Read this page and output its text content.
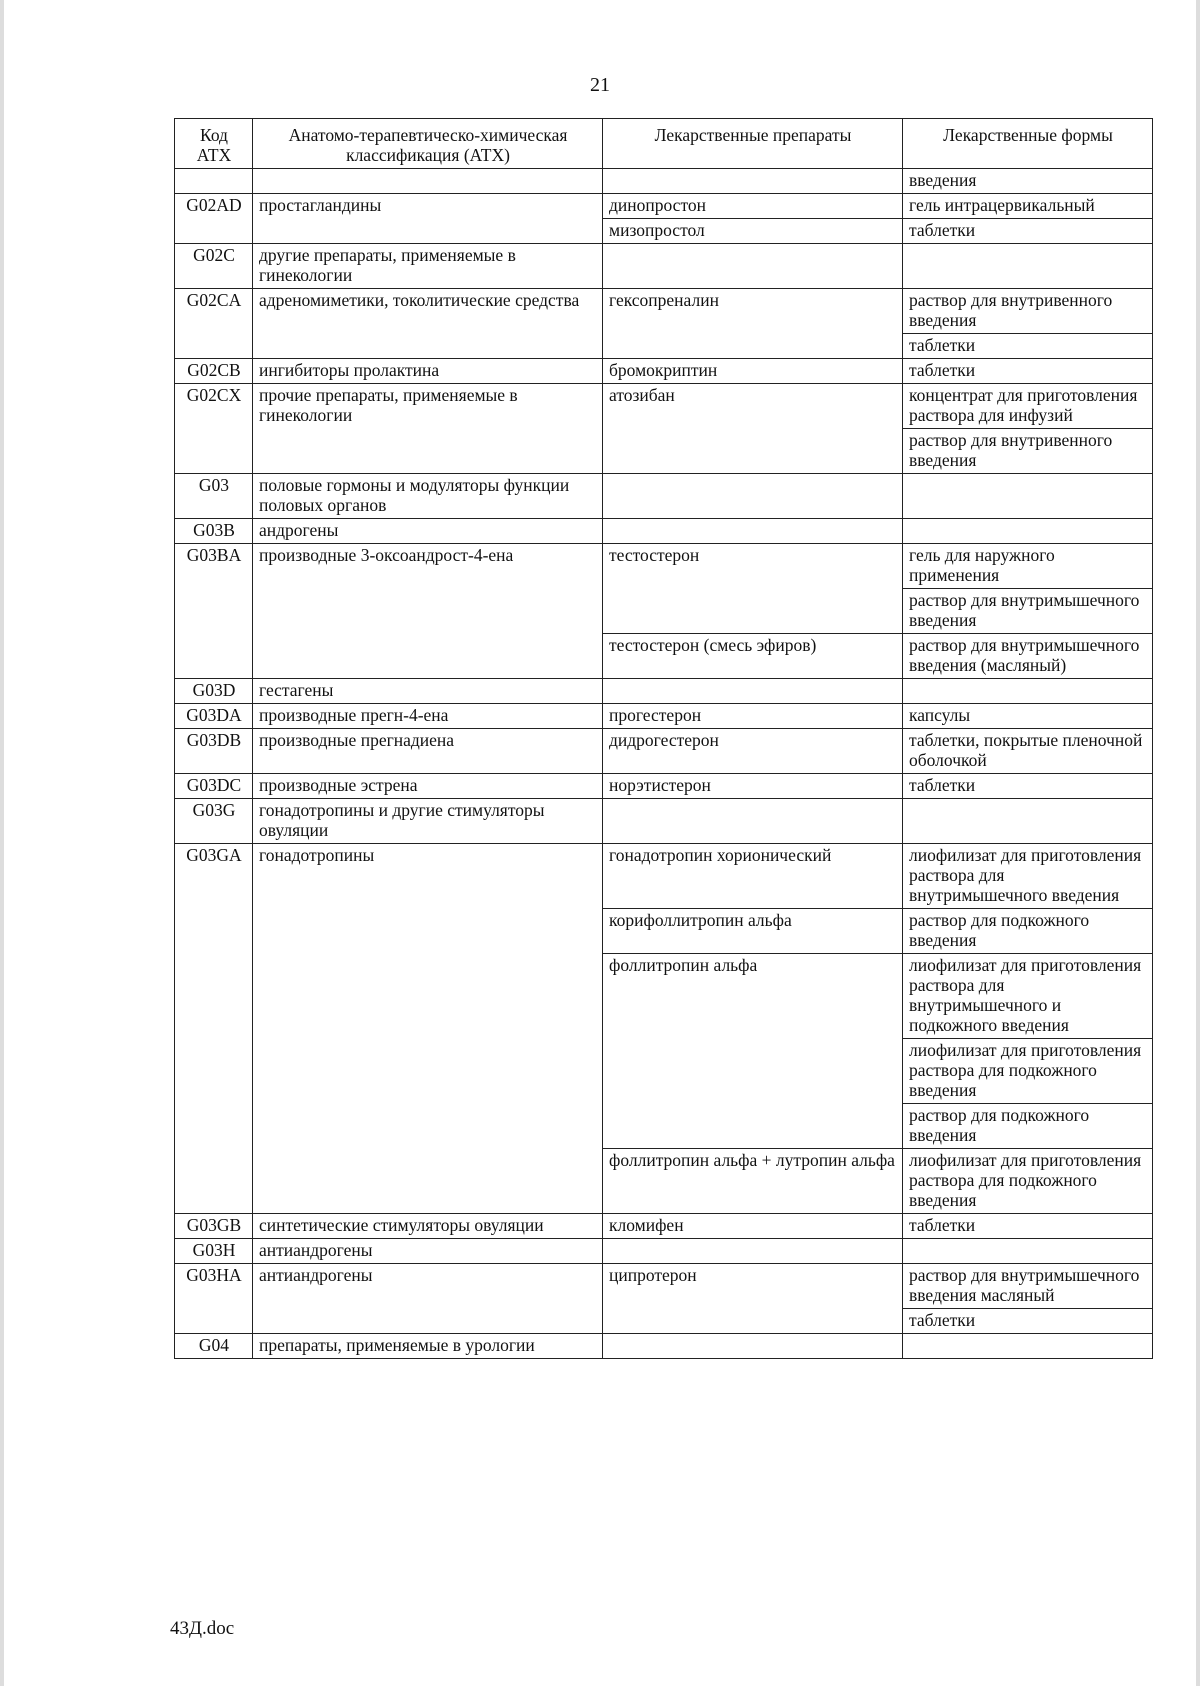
21
Код АТХ	Анатомо-терапевтическо-химическая классификация (АТХ)	Лекарственные препараты	Лекарственные формы
			введения
G02AD	простагландины	динопростон	гель интрацервикальный
		мизопростол	таблетки
G02C	другие препараты, применяемые в гинекологии		
G02CA	адреномиметики, токолитические средства	гексопреналин	раствор для внутривенного введения
			таблетки
G02CB	ингибиторы пролактина	бромокриптин	таблетки
G02CX	прочие препараты, применяемые в гинекологии	атозибан	концентрат для приготовления раствора для инфузий
			раствор для внутривенного введения
G03	половые гормоны и модуляторы функции половых органов		
G03B	андрогены		
G03BA	производные 3-оксоандрост-4-ена	тестостерон	гель для наружного применения
			раствор для внутримышечного введения
		тестостерон (смесь эфиров)	раствор для внутримышечного введения (масляный)
G03D	гестагены		
G03DA	производные прегн-4-ена	прогестерон	капсулы
G03DB	производные прегнадиена	дидрогестерон	таблетки, покрытые пленочной оболочкой
G03DC	производные эстрена	норэтистерон	таблетки
G03G	гонадотропины и другие стимуляторы овуляции		
G03GA	гонадотропины	гонадотропин хорионический	лиофилизат для приготовления раствора для внутримышечного введения
		корифоллитропин альфа	раствор для подкожного введения
		фоллитропин альфа	лиофилизат для приготовления раствора для внутримышечного и подкожного введения
			лиофилизат для приготовления раствора для подкожного введения
			раствор для подкожного введения
		фоллитропин альфа + лутропин альфа	лиофилизат для приготовления раствора для подкожного введения
G03GB	синтетические стимуляторы овуляции	кломифен	таблетки
G03H	антиандрогены		
G03HA	антиандрогены	ципротерон	раствор для внутримышечного введения масляный
			таблетки
G04	препараты, применяемые в урологии		
43Д.doc
